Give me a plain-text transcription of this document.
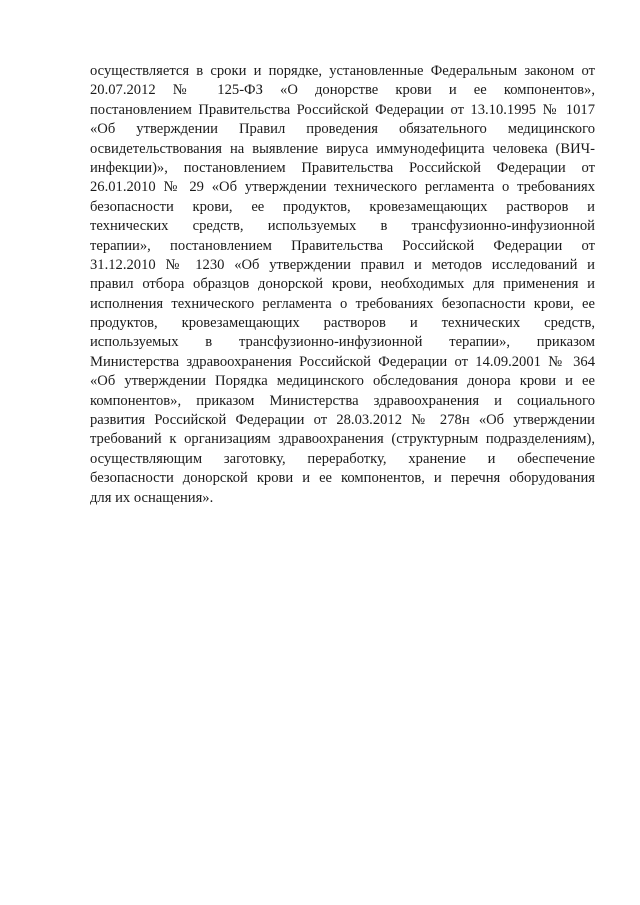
осуществляется в сроки и порядке, установленные Федеральным законом от
20.07.2012 № 125-ФЗ «О донорстве крови и ее компонентов»,
постановлением Правительства Российской Федерации от 13.10.1995 № 1017
«Об утверждении Правил проведения обязательного медицинского
освидетельствования на выявление вируса иммунодефицита человека (ВИЧ-
инфекции)», постановлением Правительства Российской Федерации от
26.01.2010 № 29 «Об утверждении технического регламента о требованиях
безопасности крови, ее продуктов, кровезамещающих растворов и
технических средств, используемых в трансфузионно-инфузионной
терапии», постановлением Правительства Российской Федерации от
31.12.2010 № 1230 «Об утверждении правил и методов исследований и
правил отбора образцов донорской крови, необходимых для применения и
исполнения технического регламента о требованиях безопасности крови, ее
продуктов, кровезамещающих растворов и технических средств,
используемых в трансфузионно-инфузионной терапии», приказом
Министерства здравоохранения Российской Федерации от 14.09.2001 № 364
«Об утверждении Порядка медицинского обследования донора крови и ее
компонентов», приказом Министерства здравоохранения и социального
развития Российской Федерации от 28.03.2012 № 278н «Об утверждении
требований к организациям здравоохранения (структурным подразделениям),
осуществляющим заготовку, переработку, хранение и обеспечение
безопасности донорской крови и ее компонентов, и перечня оборудования
для их оснащения».
